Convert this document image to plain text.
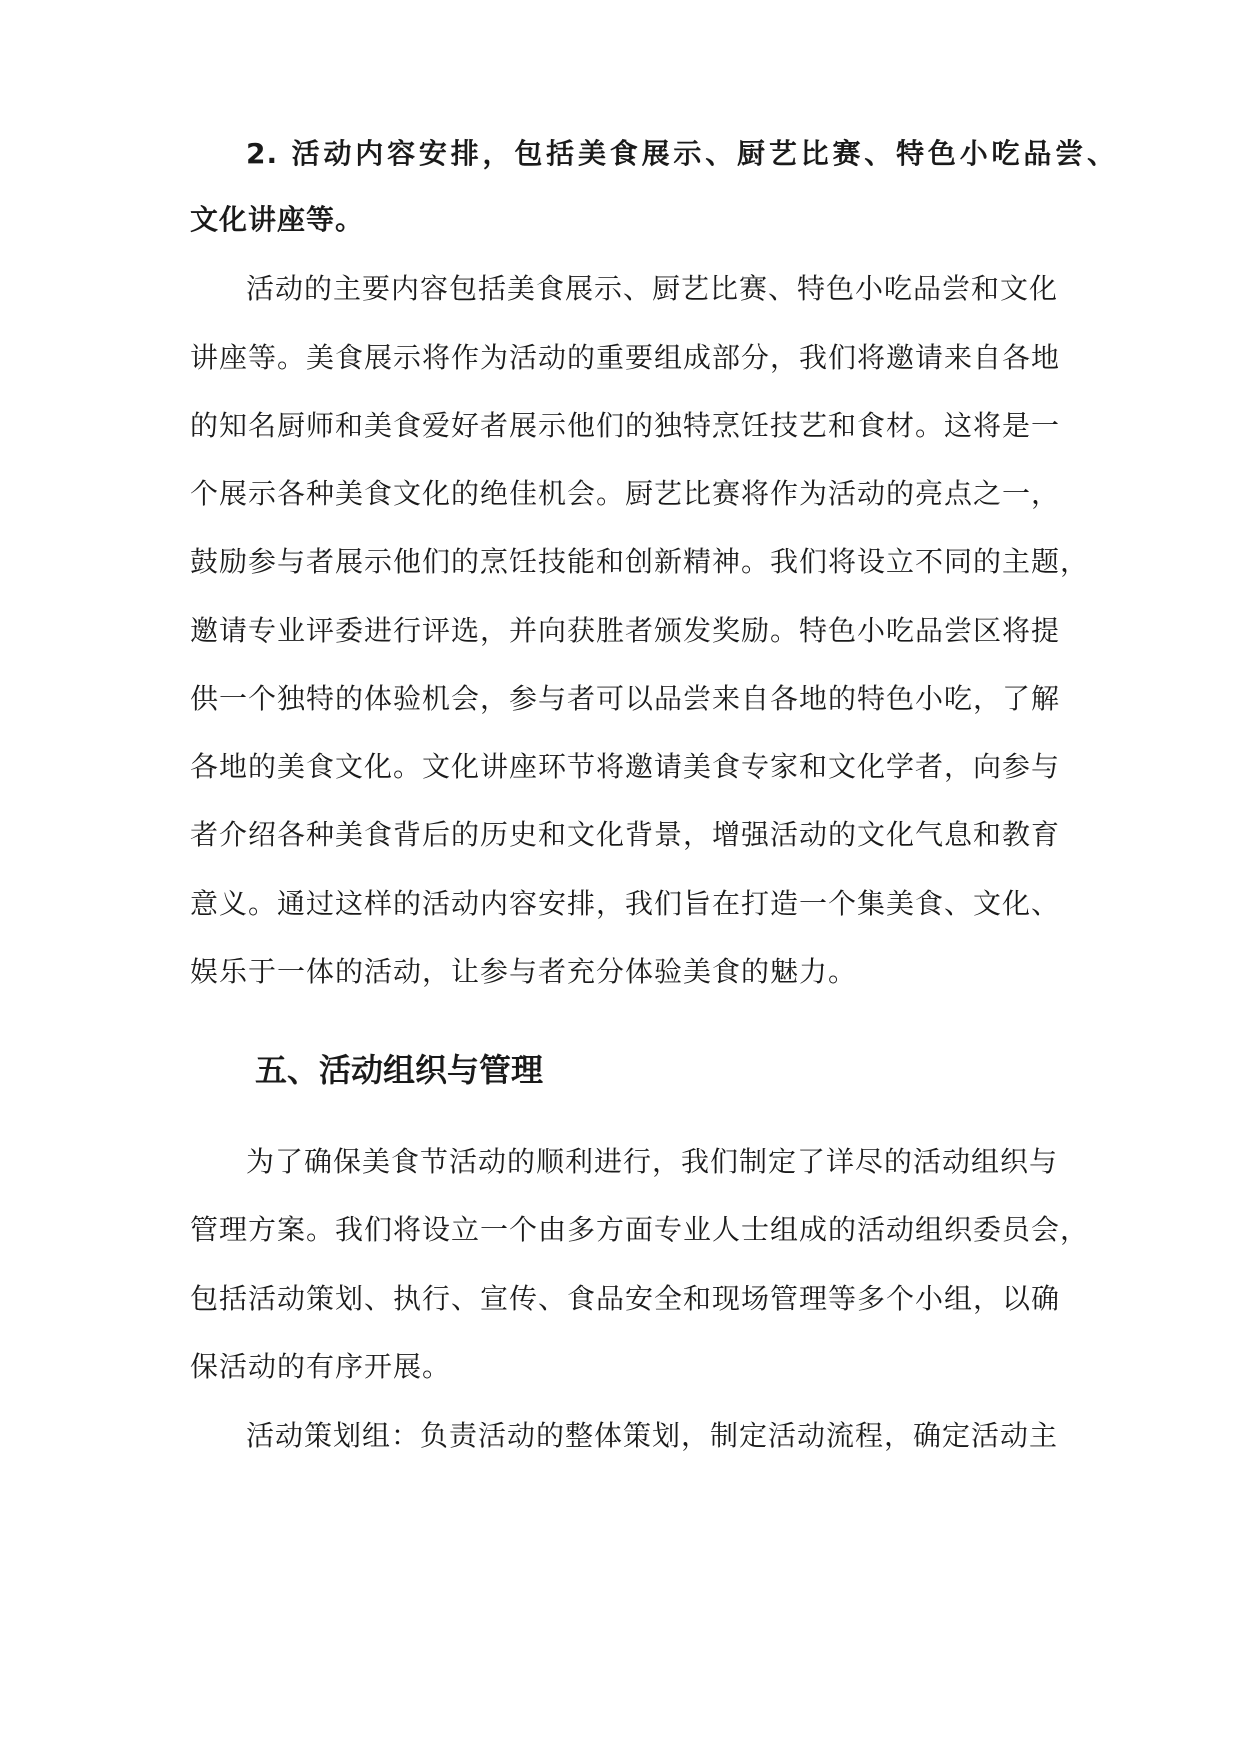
2. 活动内容安排，包括美食展示、厨艺比赛、特色小吃品尝、
文化讲座等。
活动的主要内容包括美食展示、厨艺比赛、特色小吃品尝和文化
讲座等。美食展示将作为活动的重要组成部分，我们将邀请来自各地
的知名厨师和美食爱好者展示他们的独特烹饪技艺和食材。这将是一
个展示各种美食文化的绝佳机会。厨艺比赛将作为活动的亮点之一，
鼓励参与者展示他们的烹饪技能和创新精神。我们将设立不同的主题，
邀请专业评委进行评选，并向获胜者颁发奖励。特色小吃品尝区将提
供一个独特的体验机会，参与者可以品尝来自各地的特色小吃，了解
各地的美食文化。文化讲座环节将邀请美食专家和文化学者，向参与
者介绍各种美食背后的历史和文化背景，增强活动的文化气息和教育
意义。通过这样的活动内容安排，我们旨在打造一个集美食、文化、
娱乐于一体的活动，让参与者充分体验美食的魅力。
五、活动组织与管理
为了确保美食节活动的顺利进行，我们制定了详尽的活动组织与
管理方案。我们将设立一个由多方面专业人士组成的活动组织委员会，
包括活动策划、执行、宣传、食品安全和现场管理等多个小组，以确
保活动的有序开展。
活动策划组：负责活动的整体策划，制定活动流程，确定活动主
